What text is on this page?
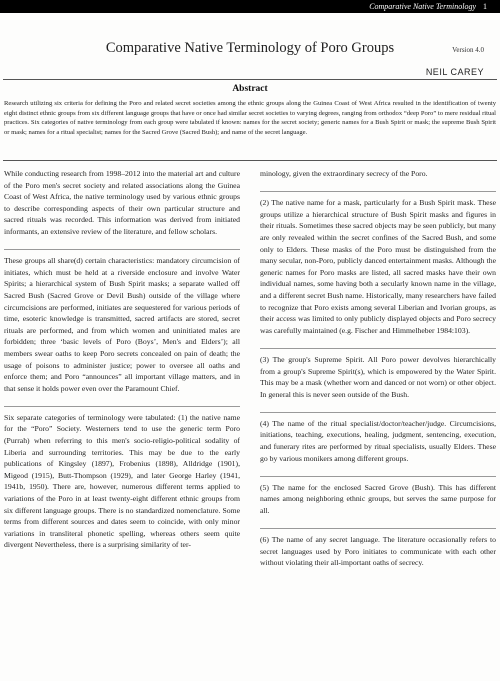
Comparative Native Terminology 1
Comparative Native Terminology of Poro Groups	Version 4.0
NEIL CAREY
Abstract
Research utilizing six criteria for defining the Poro and related secret societies among the ethnic groups along the Guinea Coast of West Africa resulted in the identification of twenty eight distinct ethnic groups from six different language groups that have or once had similar secret societies to varying degrees, ranging from orthodox “deep Poro” to mere residual ritual practices. Six categories of native terminology from each group were tabulated if known: names for the secret society; generic names for a Bush Spirit or mask; the supreme Bush Spirit or mask; names for a ritual specialist; names for the Sacred Grove (Sacred Bush); and name of the secret language.

While conducting research from 1998–2012 into the material art and culture of the Poro men's secret society and related associations along the Guinea Coast of West Africa, the native terminology used by various ethnic groups to describe corresponding aspects of their own particular structure and sacred rituals was recorded. This information was derived from initiated informants, an extensive review of the literature, and fellow scholars.

These groups all share(d) certain characteristics: mandatory circumcision of initiates, which must be held at a riverside enclosure and involve Water Spirits; a hierarchical system of Bush Spirit masks; a separate walled off Sacred Bush (Sacred Grove or Devil Bush) outside of the village where circumcisions are performed, initiates are sequestered for various periods of time, esoteric knowledge is transmitted, sacred artifacts are stored, secret rituals are performed, and from which women and uninitiated males are forbidden; three ‘basic levels of Poro (Boys’, Men's and Elders’); all members swear oaths to keep Poro secrets concealed on pain of death; the usage of poisons to administer justice; power to oversee all oaths and enforce them; and Poro “announces” all important village matters, and in that sense it holds power even over the Paramount Chief.

Six separate categories of terminology were tabulated: (1) the native name for the “Poro” Society. Westerners tend to use the generic term Poro (Purrah) when referring to this men's socio-religio-political sodality of Liberia and surrounding territories. This may be due to the early publications of Kingsley (1897), Frobenius (1898), Alldridge (1901), Migeod (1915), Butt-Thompson (1929), and later George Harley (1941, 1941b, 1950). There are, however, numerous different terms applied to variations of the Poro in at least twenty-eight different ethnic groups from six different language groups. There is no standardized nomenclature. Some terms from different sources and dates seem to coincide, with only minor variations in transliteral phonetic spelling, whereas others seem quite divergent Nevertheless, there is a surprising similarity of ter-

minology, given the extraordinary secrecy of the Poro.

(2) The native name for a mask, particularly for a Bush Spirit mask. These groups utilize a hierarchical structure of Bush Spirit masks and figures in their rituals. Sometimes these sacred objects may be seen publicly, but many are only revealed within the secret confines of the Sacred Bush, and some only to Elders. These masks of the Poro must be distinguished from the many secular, non-Poro, publicly danced entertainment masks. Although the generic names for Poro masks are listed, all sacred masks have their own individual names, some having both a secularly known name in the village, and a different secret Bush name. Historically, many researchers have failed to recognize that Poro exists among several Liberian and Ivorian groups, as their access was limited to only publicly displayed objects and Poro secrecy was carefully maintained (e.g. Fischer and Himmelheber 1984:103).

(3) The group's Supreme Spirit. All Poro power devolves hierarchically from a group's Supreme Spirit(s), which is empowered by the Water Spirit. This may be a mask (whether worn and danced or not worn) or other object. In general this is never seen outside of the Bush.

(4) The name of the ritual specialist/doctor/teacher/judge. Circumcisions, initiations, teaching, executions, healing, judgment, sentencing, execution, and funerary rites are performed by ritual specialists, usually Elders. These go by various monikers among different groups.

(5) The name for the enclosed Sacred Grove (Bush). This has different names among neighboring ethnic groups, but serves the same purpose for all.

(6) The name of any secret language. The literature occasionally refers to secret languages used by Poro initiates to communicate with each other without violating their all-important oaths of secrecy.
